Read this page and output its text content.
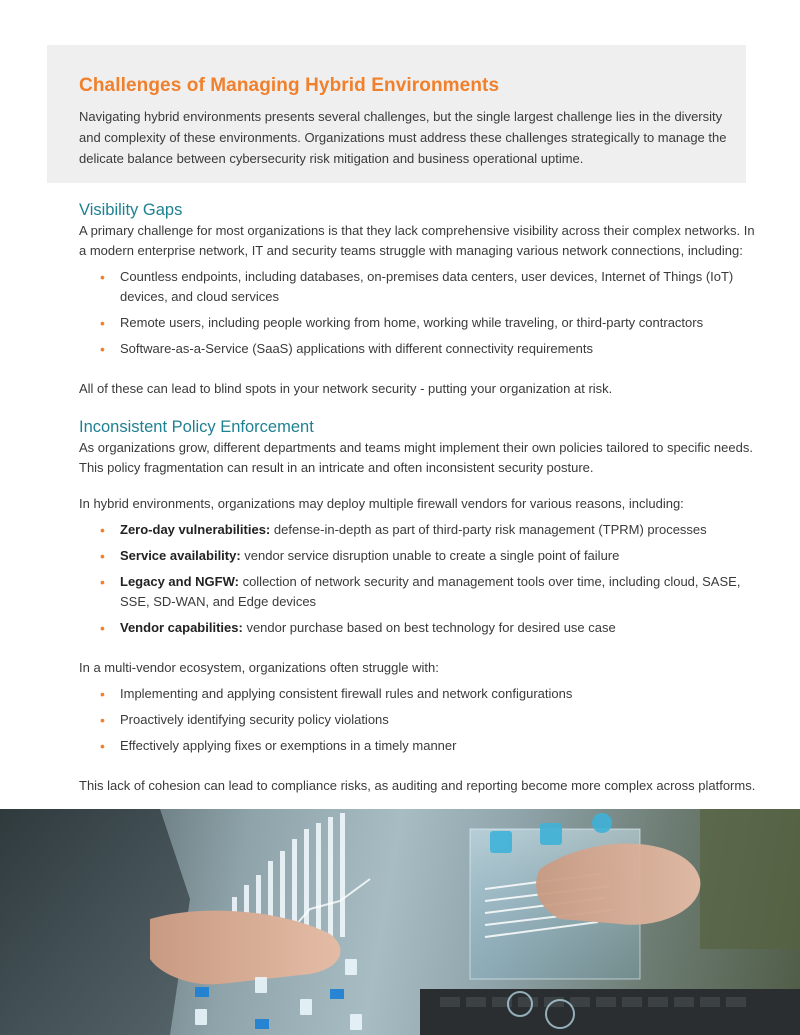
Challenges of Managing Hybrid Environments

Navigating hybrid environments presents several challenges, but the single largest challenge lies in the diversity and complexity of these environments. Organizations must address these challenges strategically to manage the delicate balance between cybersecurity risk mitigation and business operational uptime.

Visibility Gaps

A primary challenge for most organizations is that they lack comprehensive visibility across their complex networks. In a modern enterprise network, IT and security teams struggle with managing various network connections, including:

• Countless endpoints, including databases, on-premises data centers, user devices, Internet of Things (IoT) devices, and cloud services
• Remote users, including people working from home, working while traveling, or third-party contractors
• Software-as-a-Service (SaaS) applications with different connectivity requirements

All of these can lead to blind spots in your network security - putting your organization at risk.

Inconsistent Policy Enforcement

As organizations grow, different departments and teams might implement their own policies tailored to specific needs. This policy fragmentation can result in an intricate and often inconsistent security posture.

In hybrid environments, organizations may deploy multiple firewall vendors for various reasons, including:

• Zero-day vulnerabilities: defense-in-depth as part of third-party risk management (TPRM) processes
• Service availability: vendor service disruption unable to create a single point of failure
• Legacy and NGFW: collection of network security and management tools over time, including cloud, SASE, SSE, SD-WAN, and Edge devices
• Vendor capabilities: vendor purchase based on best technology for desired use case

In a multi-vendor ecosystem, organizations often struggle with:

• Implementing and applying consistent firewall rules and network configurations
• Proactively identifying security policy violations
• Effectively applying fixes or exemptions in a timely manner

This lack of cohesion can lead to compliance risks, as auditing and reporting become more complex across platforms.
